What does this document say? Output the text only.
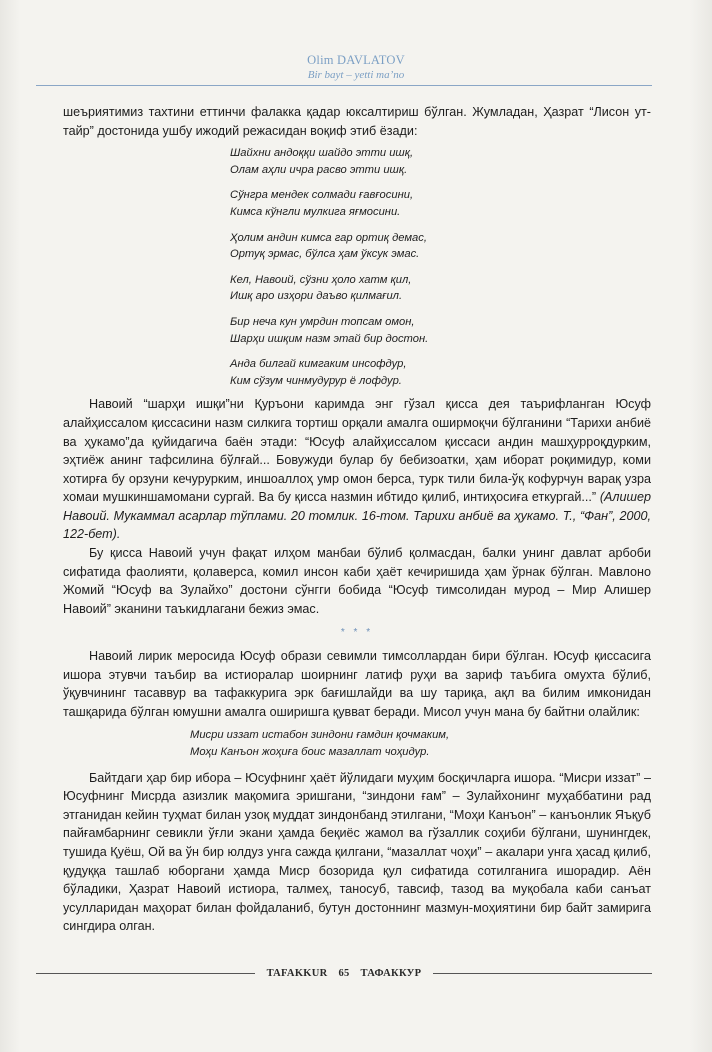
Olim DAVLATOV
Bir bayt – yetti ma’no

шеъриятимиз тахтини еттинчи фалакка қадар юксалтириш бўлган. Жумладан, Ҳазрат “Лисон ут-тайр” достонида ушбу ижодий режасидан воқиф этиб ёзади:

Шайхни андоққи шайдо этти ишқ,
Олам аҳли ичра расво этти ишқ.
Сўнгра мендек солмади ғавғосини,
Кимса кўнгли мулкига яғмосини.
Ҳолим андин кимса гар ортиқ демас,
Ортуқ эрмас, бўлса ҳам ўксук эмас.
Кел, Навоий, сўзни ҳоло хатм қил,
Ишқ аро изҳори даъво қилмағил.
Бир неча кун умрдин топсам омон,
Шарҳи ишқим назм этай бир достон.
Анда билгай кимгаким инсофдур,
Ким сўзум чинмудурур ё лофдур.

Навоий “шарҳи ишқи”ни Қуръони каримда энг гўзал қисса дея таърифланган Юсуф алайҳиссалом қиссасини назм силкига тортиш орқали амалга оширмоқчи бўлганини “Тарихи анбиё ва ҳукамо”да қуйидагича баён этади: “Юсуф алайҳиссалом қиссаси андин машҳурроқдурким, эҳтиёж анинг тафсилина бўлғай... Бовужуди булар бу бебизоатки, ҳам иборат роқимидур, коми хотирға бу орзуни кечурурким, иншоаллоҳ умр омон берса, турк тили била-ўқ кофурчун варақ узра хомаи мушкиншамомани сургай. Ва бу қисса назмин ибтидо қилиб, интиҳосиға еткургай...” (Алишер Навоий. Мукаммал асарлар тўплами. 20 томлик. 16-том. Тарихи анбиё ва ҳукамо. Т., “Фан”, 2000, 122-бет).

Бу қисса Навоий учун фақат илҳом манбаи бўлиб қолмасдан, балки унинг давлат арбоби сифатида фаолияти, қолаверса, комил инсон каби ҳаёт кечиришида ҳам ўрнак бўлган. Мавлоно Жомий “Юсуф ва Зулайхо” достони сўнгги бобида “Юсуф тимсолидан мурод – Мир Алишер Навоий” эканини таъкидлагани бежиз эмас.

* * *

Навоий лирик меросида Юсуф образи севимли тимсоллардан бири бўлган. Юсуф қиссасига ишора этувчи таъбир ва истиоралар шоирнинг латиф руҳи ва зариф таъбига омухта бўлиб, ўқувчининг тасаввур ва тафаккурига эрк бағишлайди ва шу тариқа, ақл ва билим имконидан ташқарида бўлган юмушни амалга оширишга қувват беради. Мисол учун мана бу байтни олайлик:

Мисри иззат истабон зиндони ғамдин қочмаким,
Моҳи Канъон жоҳиға боис мазаллат чоҳидур.

Байтдаги ҳар бир ибора – Юсуфнинг ҳаёт йўлидаги муҳим босқичларга ишора. “Мисри иззат” – Юсуфнинг Мисрда азизлик мақомига эришгани, “зиндони ғам” – Зулайхонинг муҳаббатини рад этганидан кейин туҳмат билан узоқ муддат зиндонбанд этилгани, “Моҳи Канъон” – канъонлик Яъқуб пайғамбарнинг севикли ўғли экани ҳамда беқиёс жамол ва гўзаллик соҳиби бўлгани, шунингдек, тушида Қуёш, Ой ва ўн бир юлдуз унга сажда қилгани, “мазаллат чоҳи” – акалари унга ҳасад қилиб, қудуққа ташлаб юборгани ҳамда Миср бозорида қул сифатида сотилганига ишорадир. Аён бўладики, Ҳазрат Навоий истиора, талмеҳ, таносуб, тавсиф, тазод ва муқобала каби санъат усулларидан маҳорат билан фойдаланиб, бутун достоннинг мазмун-моҳиятини бир байт замирига сингдира олган.

TAFAKKUR 65 ТАФАККУР
